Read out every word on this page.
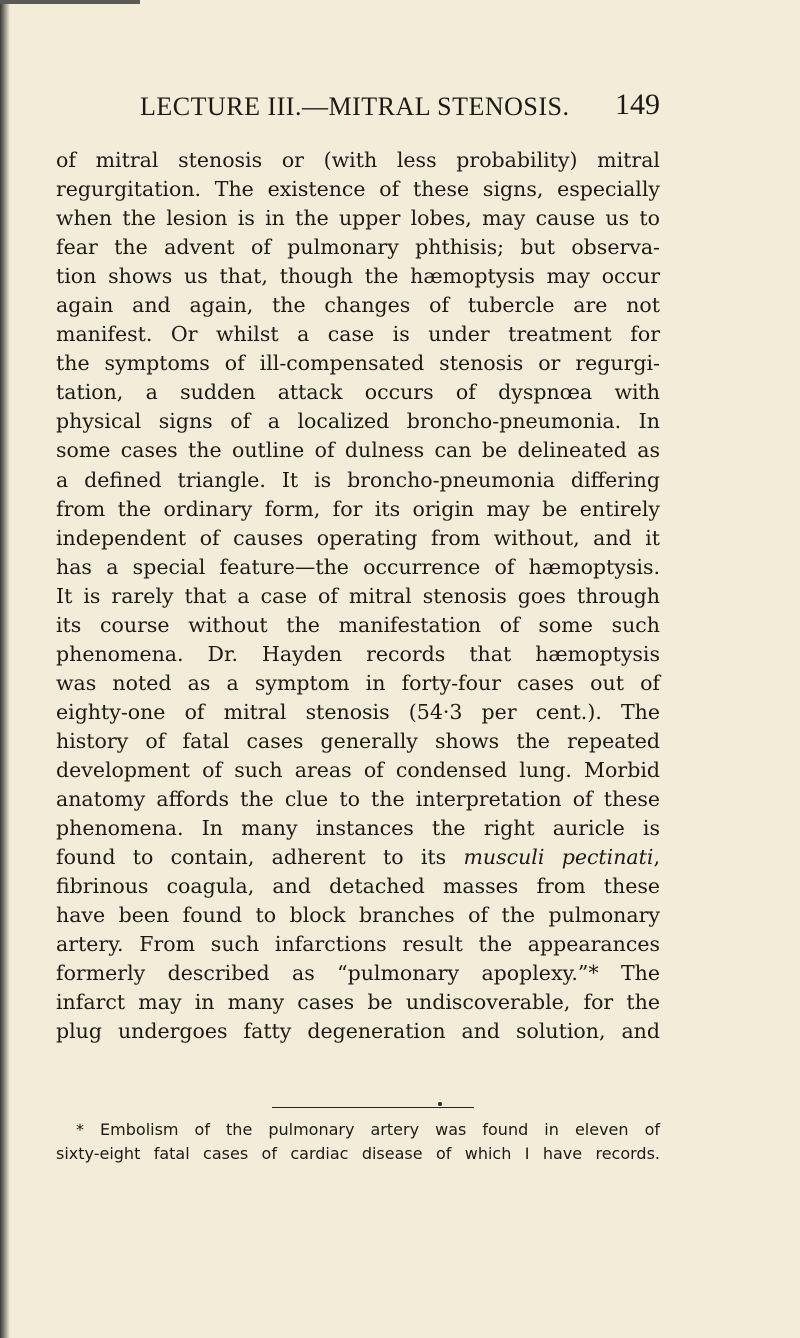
LECTURE III.—MITRAL STENOSIS. 149
of mitral stenosis or (with less probability) mitral
regurgitation. The existence of these signs, especially
when the lesion is in the upper lobes, may cause us to
fear the advent of pulmonary phthisis; but observa-
tion shows us that, though the hæmoptysis may occur
again and again, the changes of tubercle are not
manifest. Or whilst a case is under treatment for
the symptoms of ill-compensated stenosis or regurgi-
tation, a sudden attack occurs of dyspnœa with
physical signs of a localized broncho-pneumonia. In
some cases the outline of dulness can be delineated as
a defined triangle. It is broncho-pneumonia differing
from the ordinary form, for its origin may be entirely
independent of causes operating from without, and it
has a special feature—the occurrence of hæmoptysis.
It is rarely that a case of mitral stenosis goes through
its course without the manifestation of some such
phenomena. Dr. Hayden records that hæmoptysis
was noted as a symptom in forty-four cases out of
eighty-one of mitral stenosis (54·3 per cent.). The
history of fatal cases generally shows the repeated
development of such areas of condensed lung. Morbid
anatomy affords the clue to the interpretation of these
phenomena. In many instances the right auricle is
found to contain, adherent to its musculi pectinati,
fibrinous coagula, and detached masses from these
have been found to block branches of the pulmonary
artery. From such infarctions result the appearances
formerly described as “pulmonary apoplexy.”* The
infarct may in many cases be undiscoverable, for the
plug undergoes fatty degeneration and solution, and
* Embolism of the pulmonary artery was found in eleven of
sixty-eight fatal cases of cardiac disease of which I have records.
